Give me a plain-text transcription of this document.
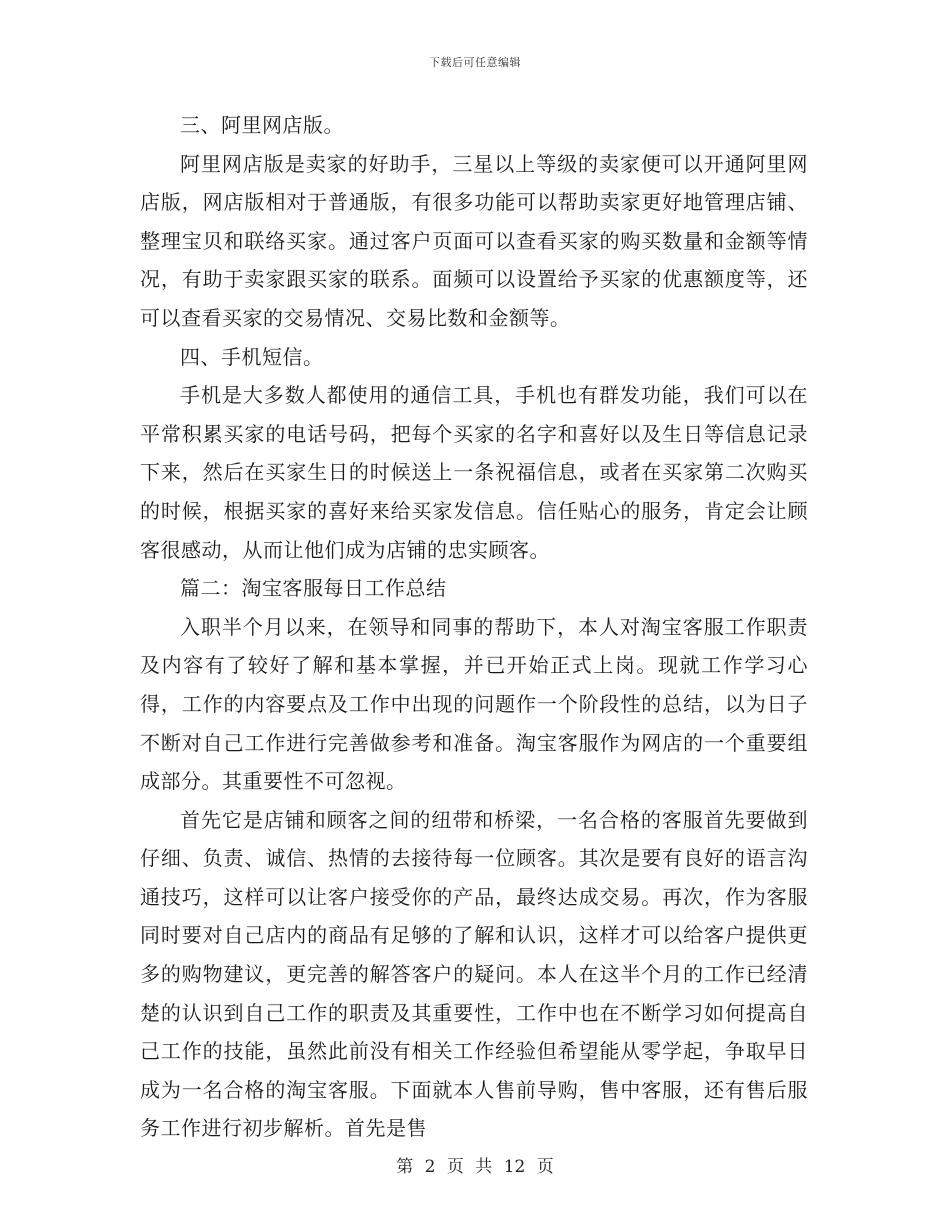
下载后可任意编辑

三、阿里网店版。

阿里网店版是卖家的好助手，三星以上等级的卖家便可以开通阿里网店版，网店版相对于普通版，有很多功能可以帮助卖家更好地管理店铺、整理宝贝和联络买家。通过客户页面可以查看买家的购买数量和金额等情况，有助于卖家跟买家的联系。面频可以设置给予买家的优惠额度等，还可以查看买家的交易情况、交易比数和金额等。

四、手机短信。

手机是大多数人都使用的通信工具，手机也有群发功能，我们可以在平常积累买家的电话号码，把每个买家的名字和喜好以及生日等信息记录下来，然后在买家生日的时候送上一条祝福信息，或者在买家第二次购买的时候，根据买家的喜好来给买家发信息。信任贴心的服务，肯定会让顾客很感动，从而让他们成为店铺的忠实顾客。

篇二：淘宝客服每日工作总结

入职半个月以来，在领导和同事的帮助下，本人对淘宝客服工作职责及内容有了较好了解和基本掌握，并已开始正式上岗。现就工作学习心得，工作的内容要点及工作中出现的问题作一个阶段性的总结，以为日子不断对自己工作进行完善做参考和准备。淘宝客服作为网店的一个重要组成部分。其重要性不可忽视。

首先它是店铺和顾客之间的纽带和桥梁，一名合格的客服首先要做到仔细、负责、诚信、热情的去接待每一位顾客。其次是要有良好的语言沟通技巧，这样可以让客户接受你的产品，最终达成交易。再次，作为客服同时要对自己店内的商品有足够的了解和认识，这样才可以给客户提供更多的购物建议，更完善的解答客户的疑问。本人在这半个月的工作已经清楚的认识到自己工作的职责及其重要性，工作中也在不断学习如何提高自己工作的技能，虽然此前没有相关工作经验但希望能从零学起，争取早日成为一名合格的淘宝客服。下面就本人售前导购，售中客服，还有售后服务工作进行初步解析。首先是售

第 2 页 共 12 页
